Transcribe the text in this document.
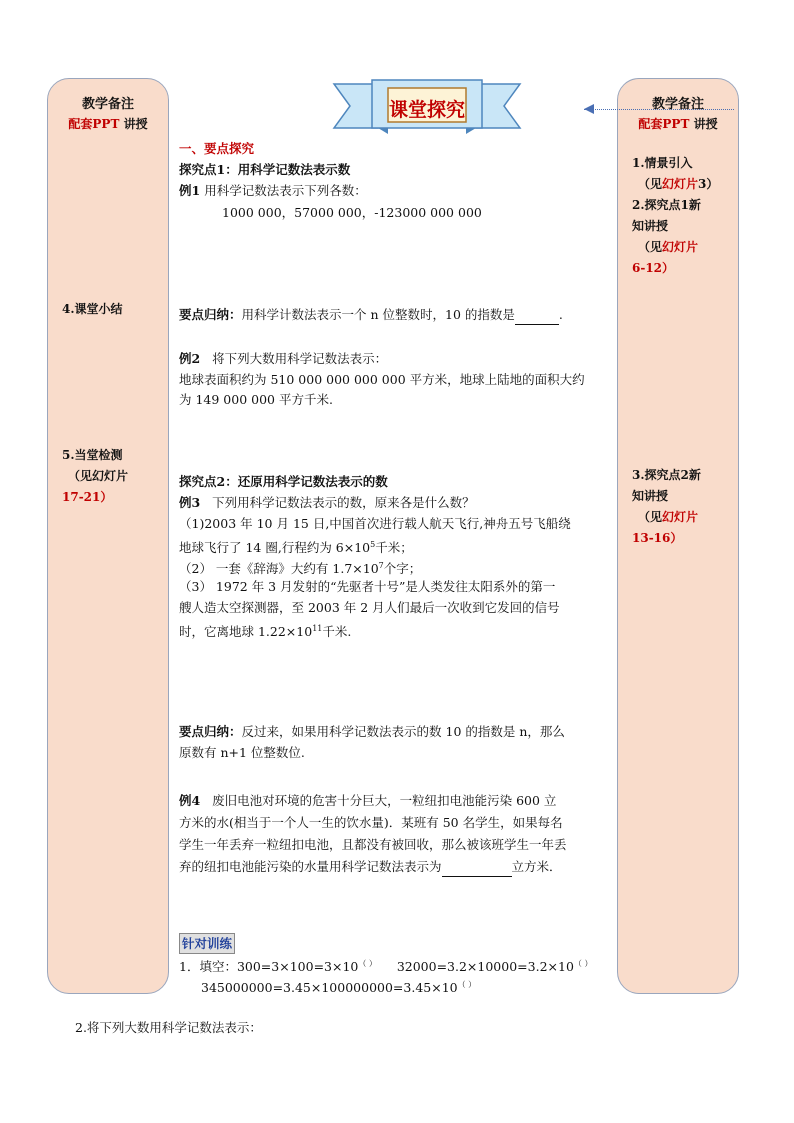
教学备注
配套PPT 讲授
4.课堂小结
5.当堂检测
（见幻灯片
17-21）
教学备注
配套PPT 讲授
1.情景引入
（见幻灯片3）
2.探究点1新
知讲授
（见幻灯片
6-12）
3.探究点2新
知讲授
（见幻灯片
13-16）
课堂探究
一、要点探究
探究点1：用科学记数法表示数
例1 用科学记数法表示下列各数：
1000 000，57000 000，-123000 000 000
要点归纳：用科学计数法表示一个 n 位整数时，10 的指数是	.
例2 将下列大数用科学记数法表示：
地球表面积约为 510 000 000 000 000 平方米，地球上陆地的面积大约
为 149 000 000 平方千米.
探究点2：还原用科学记数法表示的数
例3 下列用科学记数法表示的数，原来各是什么数？
（1)2003 年 10 月 15 日,中国首次进行载人航天飞行,神舟五号飞船绕
地球飞行了 14 圈,行程约为 $6\times 10^5$千米；
（2） 一套《辞海》大约有 $1.7\times 10^7$个字；
（3） 1972 年 3 月发射的“先驱者十号”是人类发往太阳系外的第一
艘人造太空探测器，至 2003 年 2 月人们最后一次收到它发回的信号
时，它离地球 $1.22\times 10^{11}$千米.
要点归纳：反过来，如果用科学记数法表示的数 10 的指数是 n，那么
原数有 n+1 位整数位.
例4 废旧电池对环境的危害十分巨大，一粒纽扣电池能污染 600 立
方米的水(相当于一个人一生的饮水量)．某班有 50 名学生，如果每名
学生一年丢弃一粒纽扣电池，且都没有被回收，那么被该班学生一年丢
弃的纽扣电池能污染的水量用科学记数法表示为	立方米．
针对训练
1．填空：300=3×100=3×10（ ） 32000=3.2×10000=3.2×10（ ）
345000000=3.45×100000000=3.45×10（ ）
2.将下列大数用科学记数法表示：
